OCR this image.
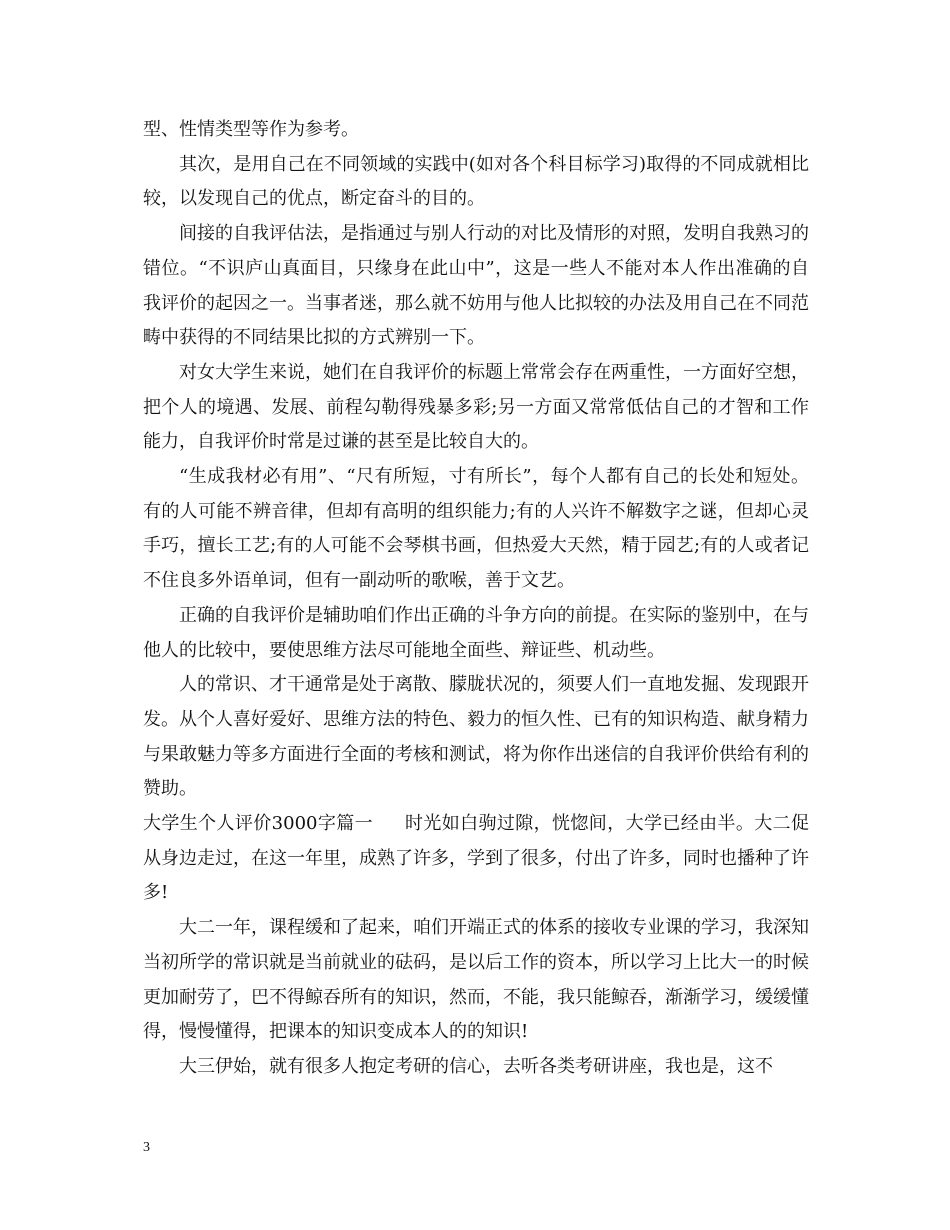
型、性情类型等作为参考。

其次，是用自己在不同领域的实践中(如对各个科目标学习)取得的不同成就相比较，以发现自己的优点，断定奋斗的目的。

间接的自我评估法，是指通过与别人行动的对比及情形的对照，发明自我熟习的错位。“不识庐山真面目，只缘身在此山中”，这是一些人不能对本人作出准确的自我评价的起因之一。当事者迷，那么就不妨用与他人比拟较的办法及用自己在不同范畴中获得的不同结果比拟的方式辨别一下。

对女大学生来说，她们在自我评价的标题上常常会存在两重性，一方面好空想，把个人的境遇、发展、前程勾勒得残暴多彩;另一方面又常常低估自己的才智和工作能力，自我评价时常是过谦的甚至是比较自大的。

“生成我材必有用”、“尺有所短，寸有所长”，每个人都有自己的长处和短处。有的人可能不辨音律，但却有高明的组织能力;有的人兴许不解数字之谜，但却心灵手巧，擅长工艺;有的人可能不会琴棋书画，但热爱大天然，精于园艺;有的人或者记不住良多外语单词，但有一副动听的歌喉，善于文艺。

正确的自我评价是辅助咱们作出正确的斗争方向的前提。在实际的鉴别中，在与他人的比较中，要使思维方法尽可能地全面些、辩证些、机动些。

人的常识、才干通常是处于离散、朦胧状况的，须要人们一直地发掘、发现跟开发。从个人喜好爱好、思维方法的特色、毅力的恒久性、已有的知识构造、献身精力与果敢魅力等多方面进行全面的考核和测试，将为你作出迷信的自我评价供给有利的赞助。

大学生个人评价3000字篇一 时光如白驹过隙，恍惚间，大学已经由半。大二促从身边走过，在这一年里，成熟了许多，学到了很多，付出了许多，同时也播种了许多!

大二一年，课程缓和了起来，咱们开端正式的体系的接收专业课的学习，我深知当初所学的常识就是当前就业的砝码，是以后工作的资本，所以学习上比大一的时候更加耐劳了，巴不得鲸吞所有的知识，然而，不能，我只能鲸吞，渐渐学习，缓缓懂得，慢慢懂得，把课本的知识变成本人的的知识!

大三伊始，就有很多人抱定考研的信心，去听各类考研讲座，我也是，这不

3
